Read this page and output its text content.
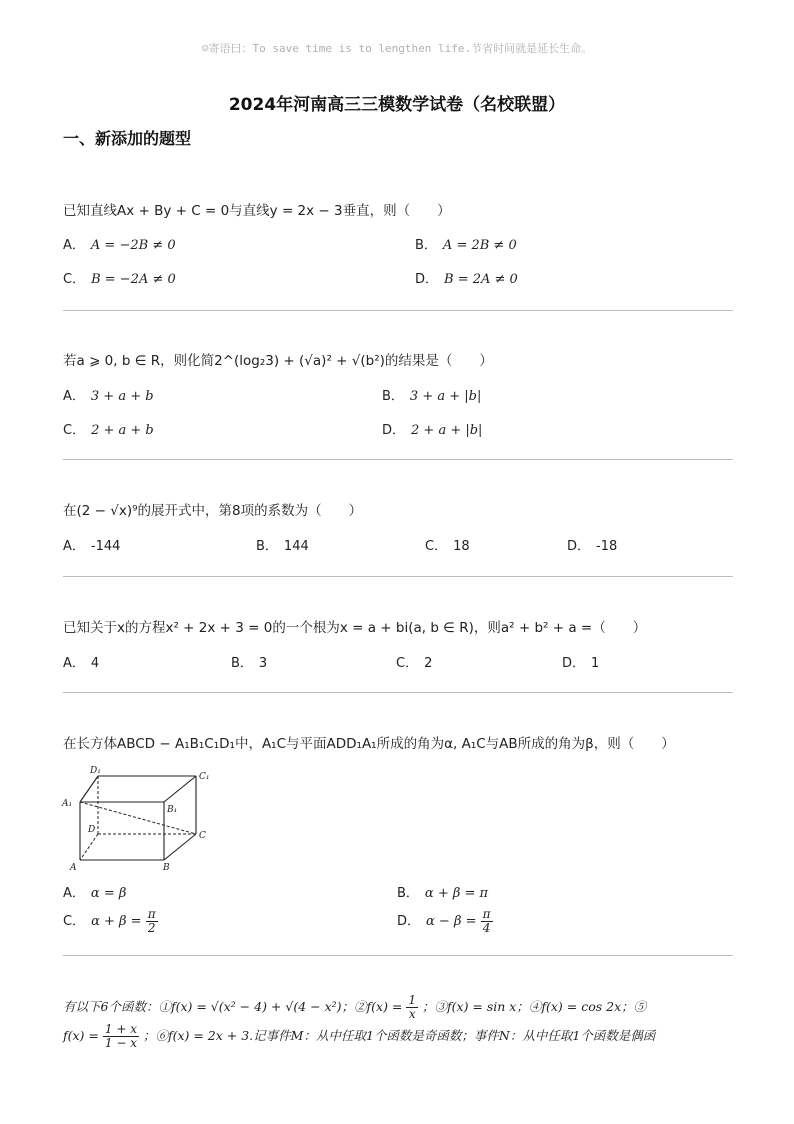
☺寄语曰：To save time is to lengthen life.节省时间就是延长生命。
2024年河南高三三模数学试卷（名校联盟）
一、新添加的题型
已知直线Ax + By + C = 0与直线y = 2x − 3垂直，则（　　）
A． A = −2B ≠ 0	B． A = 2B ≠ 0
C． B = −2A ≠ 0	D． B = 2A ≠ 0
若a ⩾ 0, b ∈ R，则化简2^(log₂3) + (√a)² + √(b²)的结果是（　　）
A． 3 + a + b	B． 3 + a + |b|
C． 2 + a + b	D． 2 + a + |b|
在(2 − √x)⁹的展开式中，第8项的系数为（　　）
A． -144	B． 144	C． 18	D． -18
已知关于x的方程x² + 2x + 3 = 0的一个根为x = a + bi(a, b ∈ R)，则a² + b² + a =（　　）
A． 4	B． 3	C． 2	D． 1
在长方体ABCD − A₁B₁C₁D₁中，A₁C与平面ADD₁A₁所成的角为α, A₁C与AB所成的角为β，则（　　）
D₁
C₁
A₁
B₁
D
C
A	B
A． α = β	B． α + β = π
C． $\alpha + \beta = \frac{\pi}{2}$	D． $\alpha - \beta = \frac{\pi}{4}$
有以下6个函数：①f(x) = √(x² − 4) + √(4 − x²)；②f(x) = $\frac{1}{x}$ ；③f(x) = sin x；④f(x) = cos 2x；⑤
$f(x) = \frac{1 + x}{1 - x}$ ；⑥f(x) = 2x + 3.记事件M：从中任取1个函数是奇函数；事件N：从中任取1个函数是偶函
